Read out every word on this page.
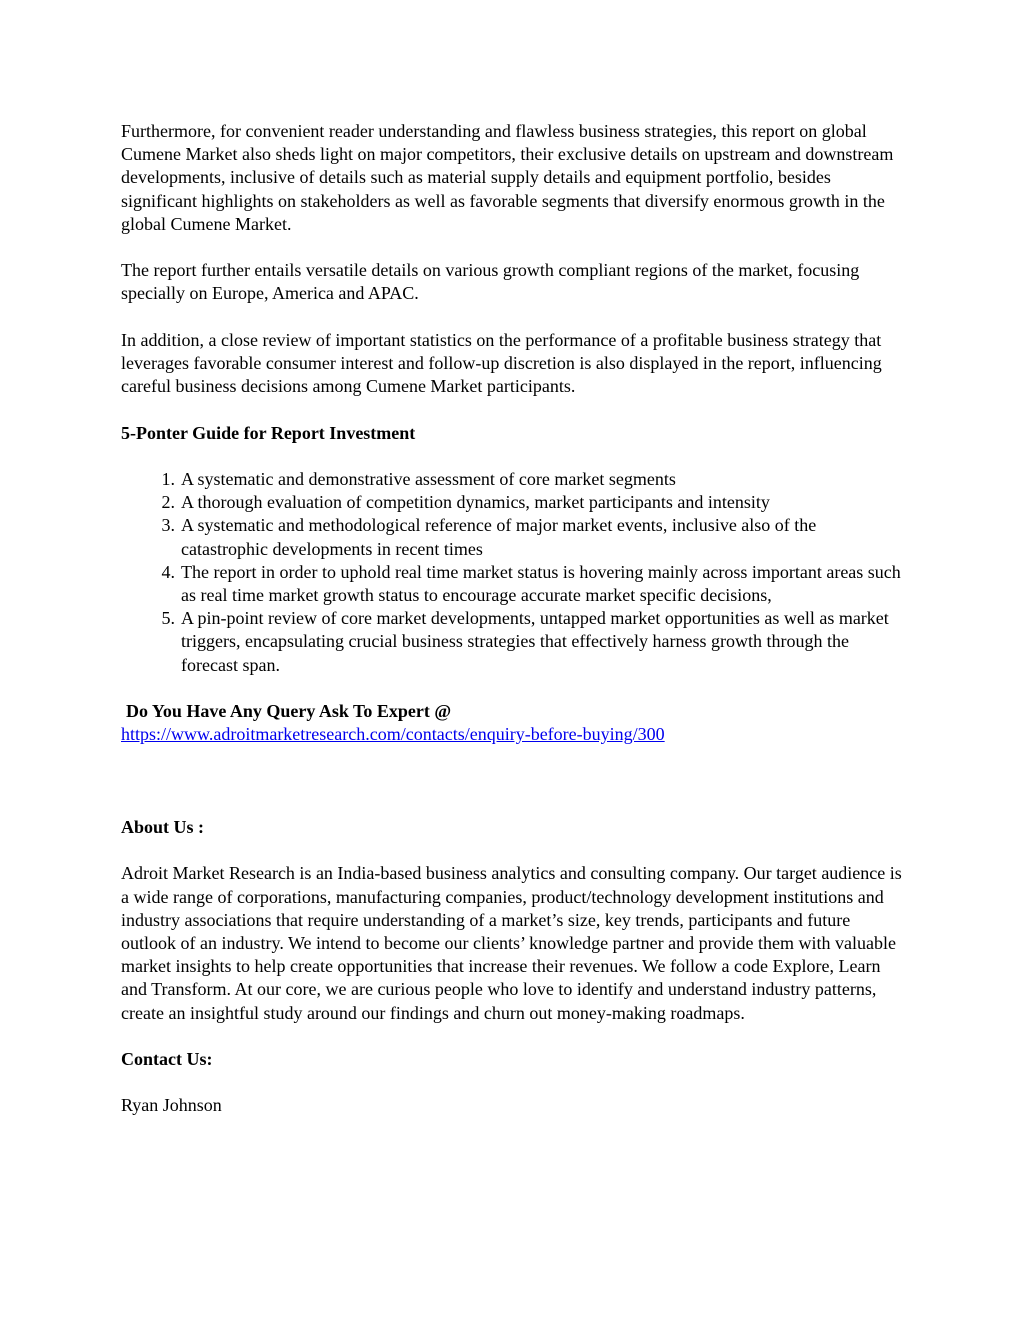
Furthermore, for convenient reader understanding and flawless business strategies, this report on global Cumene Market also sheds light on major competitors, their exclusive details on upstream and downstream developments, inclusive of details such as material supply details and equipment portfolio, besides significant highlights on stakeholders as well as favorable segments that diversify enormous growth in the global Cumene Market.

The report further entails versatile details on various growth compliant regions of the market, focusing specially on Europe, America and APAC.

In addition, a close review of important statistics on the performance of a profitable business strategy that leverages favorable consumer interest and follow-up discretion is also displayed in the report, influencing careful business decisions among Cumene Market participants.

5-Ponter Guide for Report Investment

1. A systematic and demonstrative assessment of core market segments
2. A thorough evaluation of competition dynamics, market participants and intensity
3. A systematic and methodological reference of major market events, inclusive also of the catastrophic developments in recent times
4. The report in order to uphold real time market status is hovering mainly across important areas such as real time market growth status to encourage accurate market specific decisions,
5. A pin-point review of core market developments, untapped market opportunities as well as market triggers, encapsulating crucial business strategies that effectively harness growth through the forecast span.

Do You Have Any Query Ask To Expert @

https://www.adroitmarketresearch.com/contacts/enquiry-before-buying/300

About Us :

Adroit Market Research is an India-based business analytics and consulting company. Our target audience is a wide range of corporations, manufacturing companies, product/technology development institutions and industry associations that require understanding of a market’s size, key trends, participants and future outlook of an industry. We intend to become our clients’ knowledge partner and provide them with valuable market insights to help create opportunities that increase their revenues. We follow a code Explore, Learn and Transform. At our core, we are curious people who love to identify and understand industry patterns, create an insightful study around our findings and churn out money-making roadmaps.

Contact Us:

Ryan Johnson
